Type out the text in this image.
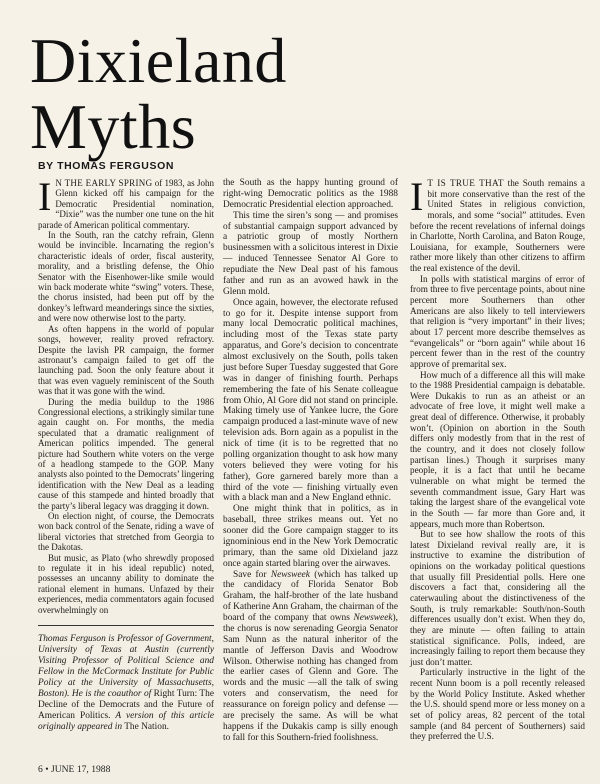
Dixieland
Myths
BY THOMAS FERGUSON

I N THE EARLY SPRING of 1983, as John Glenn kicked off his campaign for the Democratic Presidential nomination, “Dixie” was the number one tune on the hit parade of American political commentary.

In the South, ran the catchy refrain, Glenn would be invincible. Incarnating the region’s characteristic ideals of order, fiscal austerity, morality, and a bristling defense, the Ohio Senator with the Eisenhower-like smile would win back moderate white “swing” voters. These, the chorus insisted, had been put off by the donkey’s leftward meanderings since the sixties, and were now otherwise lost to the party.

As often happens in the world of popular songs, however, reality proved refractory. Despite the lavish PR campaign, the former astronaut’s campaign failed to get off the launching pad. Soon the only feature about it that was even vaguely reminiscent of the South was that it was gone with the wind.

During the media buildup to the 1986 Congressional elections, a strikingly similar tune again caught on. For months, the media speculated that a dramatic realignment of American politics impended. The general picture had Southern white voters on the verge of a headlong stampede to the GOP. Many analysts also pointed to the Democrats’ lingering identification with the New Deal as a leading cause of this stampede and hinted broadly that the party’s liberal legacy was dragging it down.

On election night, of course, the Democrats won back control of the Senate, riding a wave of liberal victories that stretched from Georgia to the Dakotas.

But music, as Plato (who shrewdly proposed to regulate it in his ideal republic) noted, possesses an uncanny ability to dominate the rational element in humans. Unfazed by their experiences, media commentators again focused overwhelmingly on

Thomas Ferguson is Professor of Government, University of Texas at Austin (currently Visiting Professor of Political Science and Fellow in the McCormack Institute for Public Policy at the University of Massachusetts, Boston). He is the coauthor of Right Turn: The Decline of the Democrats and the Future of American Politics. A version of this article originally appeared in The Nation.

the South as the happy hunting ground of right-wing Democratic politics as the 1988 Democratic Presidential election approached.

This time the siren’s song — and promises of substantial campaign support advanced by a patriotic group of mostly Northern businessmen with a solicitous interest in Dixie — induced Tennessee Senator Al Gore to repudiate the New Deal past of his famous father and run as an avowed hawk in the Glenn mold.

Once again, however, the electorate refused to go for it. Despite intense support from many local Democratic political machines, including most of the Texas state party apparatus, and Gore’s decision to concentrate almost exclusively on the South, polls taken just before Super Tuesday suggested that Gore was in danger of finishing fourth. Perhaps remembering the fate of his Senate colleague from Ohio, Al Gore did not stand on principle. Making timely use of Yankee lucre, the Gore campaign produced a last-minute wave of new television ads. Born again as a populist in the nick of time (it is to be regretted that no polling organization thought to ask how many voters believed they were voting for his father), Gore garnered barely more than a third of the vote — finishing virtually even with a black man and a New England ethnic.

One might think that in politics, as in baseball, three strikes means out. Yet no sooner did the Gore campaign stagger to its ignominious end in the New York Democratic primary, than the same old Dixieland jazz once again started blaring over the airwaves.

Save for Newsweek (which has talked up the candidacy of Florida Senator Bob Graham, the half-brother of the late husband of Katherine Ann Graham, the chairman of the board of the company that owns Newsweek), the chorus is now serenading Georgia Senator Sam Nunn as the natural inheritor of the mantle of Jefferson Davis and Woodrow Wilson. Otherwise nothing has changed from the earlier cases of Glenn and Gore. The words and the music —all the talk of swing voters and conservatism, the need for reassurance on foreign policy and defense — are precisely the same. As will be what happens if the Dukakis camp is silly enough to fall for this Southern-fried foolishness.

I T IS TRUE THAT the South remains a bit more conservative than the rest of the United States in religious conviction, morals, and some “social” attitudes. Even before the recent revelations of infernal doings in Charlotte, North Carolina, and Baton Rouge, Louisiana, for example, Southerners were rather more likely than other citizens to affirm the real existence of the devil.

In polls with statistical margins of error of from three to five percentage points, about nine percent more Southerners than other Americans are also likely to tell interviewers that religion is “very important” in their lives; about 17 percent more describe themselves as “evangelicals” or “born again” while about 16 percent fewer than in the rest of the country approve of premarital sex.

How much of a difference all this will make to the 1988 Presidential campaign is debatable. Were Dukakis to run as an atheist or an advocate of free love, it might well make a great deal of difference. Otherwise, it probably won’t. (Opinion on abortion in the South differs only modestly from that in the rest of the country, and it does not closely follow partisan lines.) Though it surprises many people, it is a fact that until he became vulnerable on what might be termed the seventh commandment issue, Gary Hart was taking the largest share of the evangelical vote in the South — far more than Gore and, it appears, much more than Robertson.

But to see how shallow the roots of this latest Dixieland revival really are, it is instructive to examine the distribution of opinions on the workaday political questions that usually fill Presidential polls. Here one discovers a fact that, considering all the caterwauling about the distinctiveness of the South, is truly remarkable: South/non-South differences usually don’t exist. When they do, they are minute — often failing to attain statistical significance. Polls, indeed, are increasingly failing to report them because they just don’t matter.

Particularly instructive in the light of the recent Nunn boom is a poll recently released by the World Policy Institute. Asked whether the U.S. should spend more or less money on a set of policy areas, 82 percent of the total sample (and 84 percent of Southerners) said they preferred the U.S.

6 • JUNE 17, 1988
